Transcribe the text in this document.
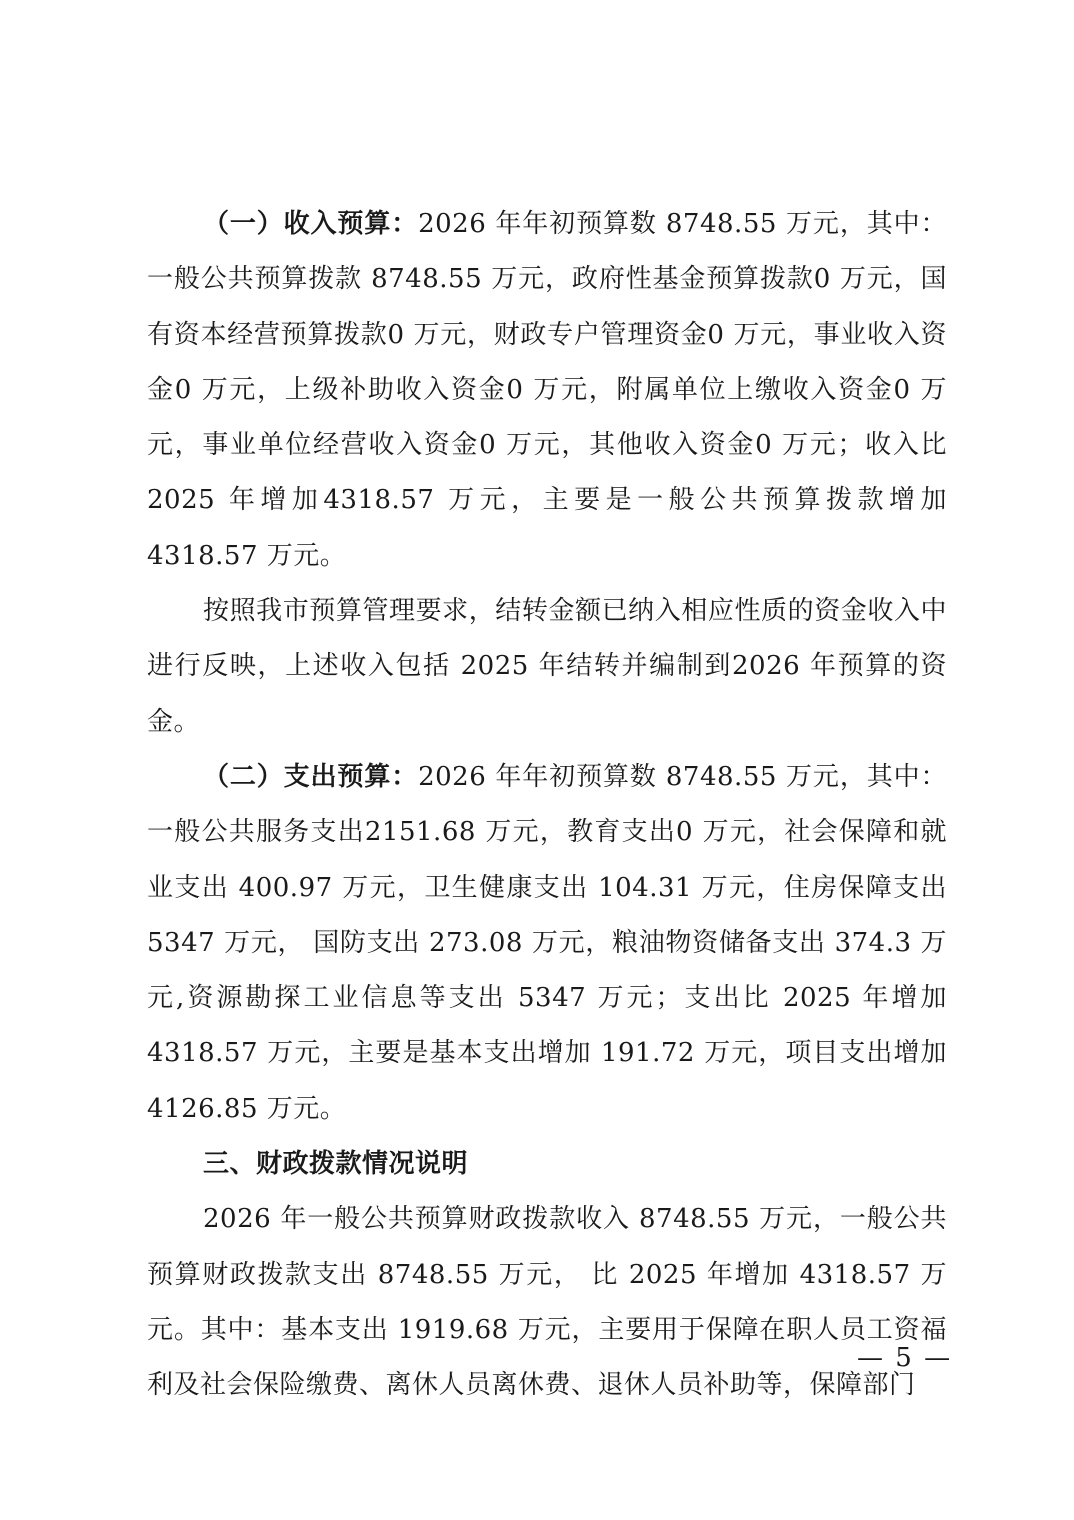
（一）收入预算：2026 年年初预算数 8748.55 万元，其中：一般公共预算拨款 8748.55 万元，政府性基金预算拨款0 万元，国有资本经营预算拨款0 万元，财政专户管理资金0 万元，事业收入资金0 万元，上级补助收入资金0 万元，附属单位上缴收入资金0 万元，事业单位经营收入资金0 万元，其他收入资金0 万元；收入比 2025 年增加4318.57 万元，主要是一般公共预算拨款增加 4318.57 万元。

按照我市预算管理要求，结转金额已纳入相应性质的资金收入中进行反映，上述收入包括 2025 年结转并编制到2026 年预算的资金。

（二）支出预算：2026 年年初预算数 8748.55 万元，其中：一般公共服务支出2151.68 万元，教育支出0 万元，社会保障和就业支出 400.97 万元，卫生健康支出 104.31 万元，住房保障支出 5347 万元， 国防支出 273.08 万元，粮油物资储备支出 374.3 万元,资源勘探工业信息等支出 5347 万元；支出比 2025 年增加 4318.57 万元，主要是基本支出增加 191.72 万元，项目支出增加 4126.85 万元。

三、财政拨款情况说明

2026 年一般公共预算财政拨款收入 8748.55 万元，一般公共预算财政拨款支出 8748.55 万元， 比 2025 年增加 4318.57 万元。其中：基本支出 1919.68 万元，主要用于保障在职人员工资福利及社会保险缴费、离休人员离休费、退休人员补助等，保障部门

— 5 —
